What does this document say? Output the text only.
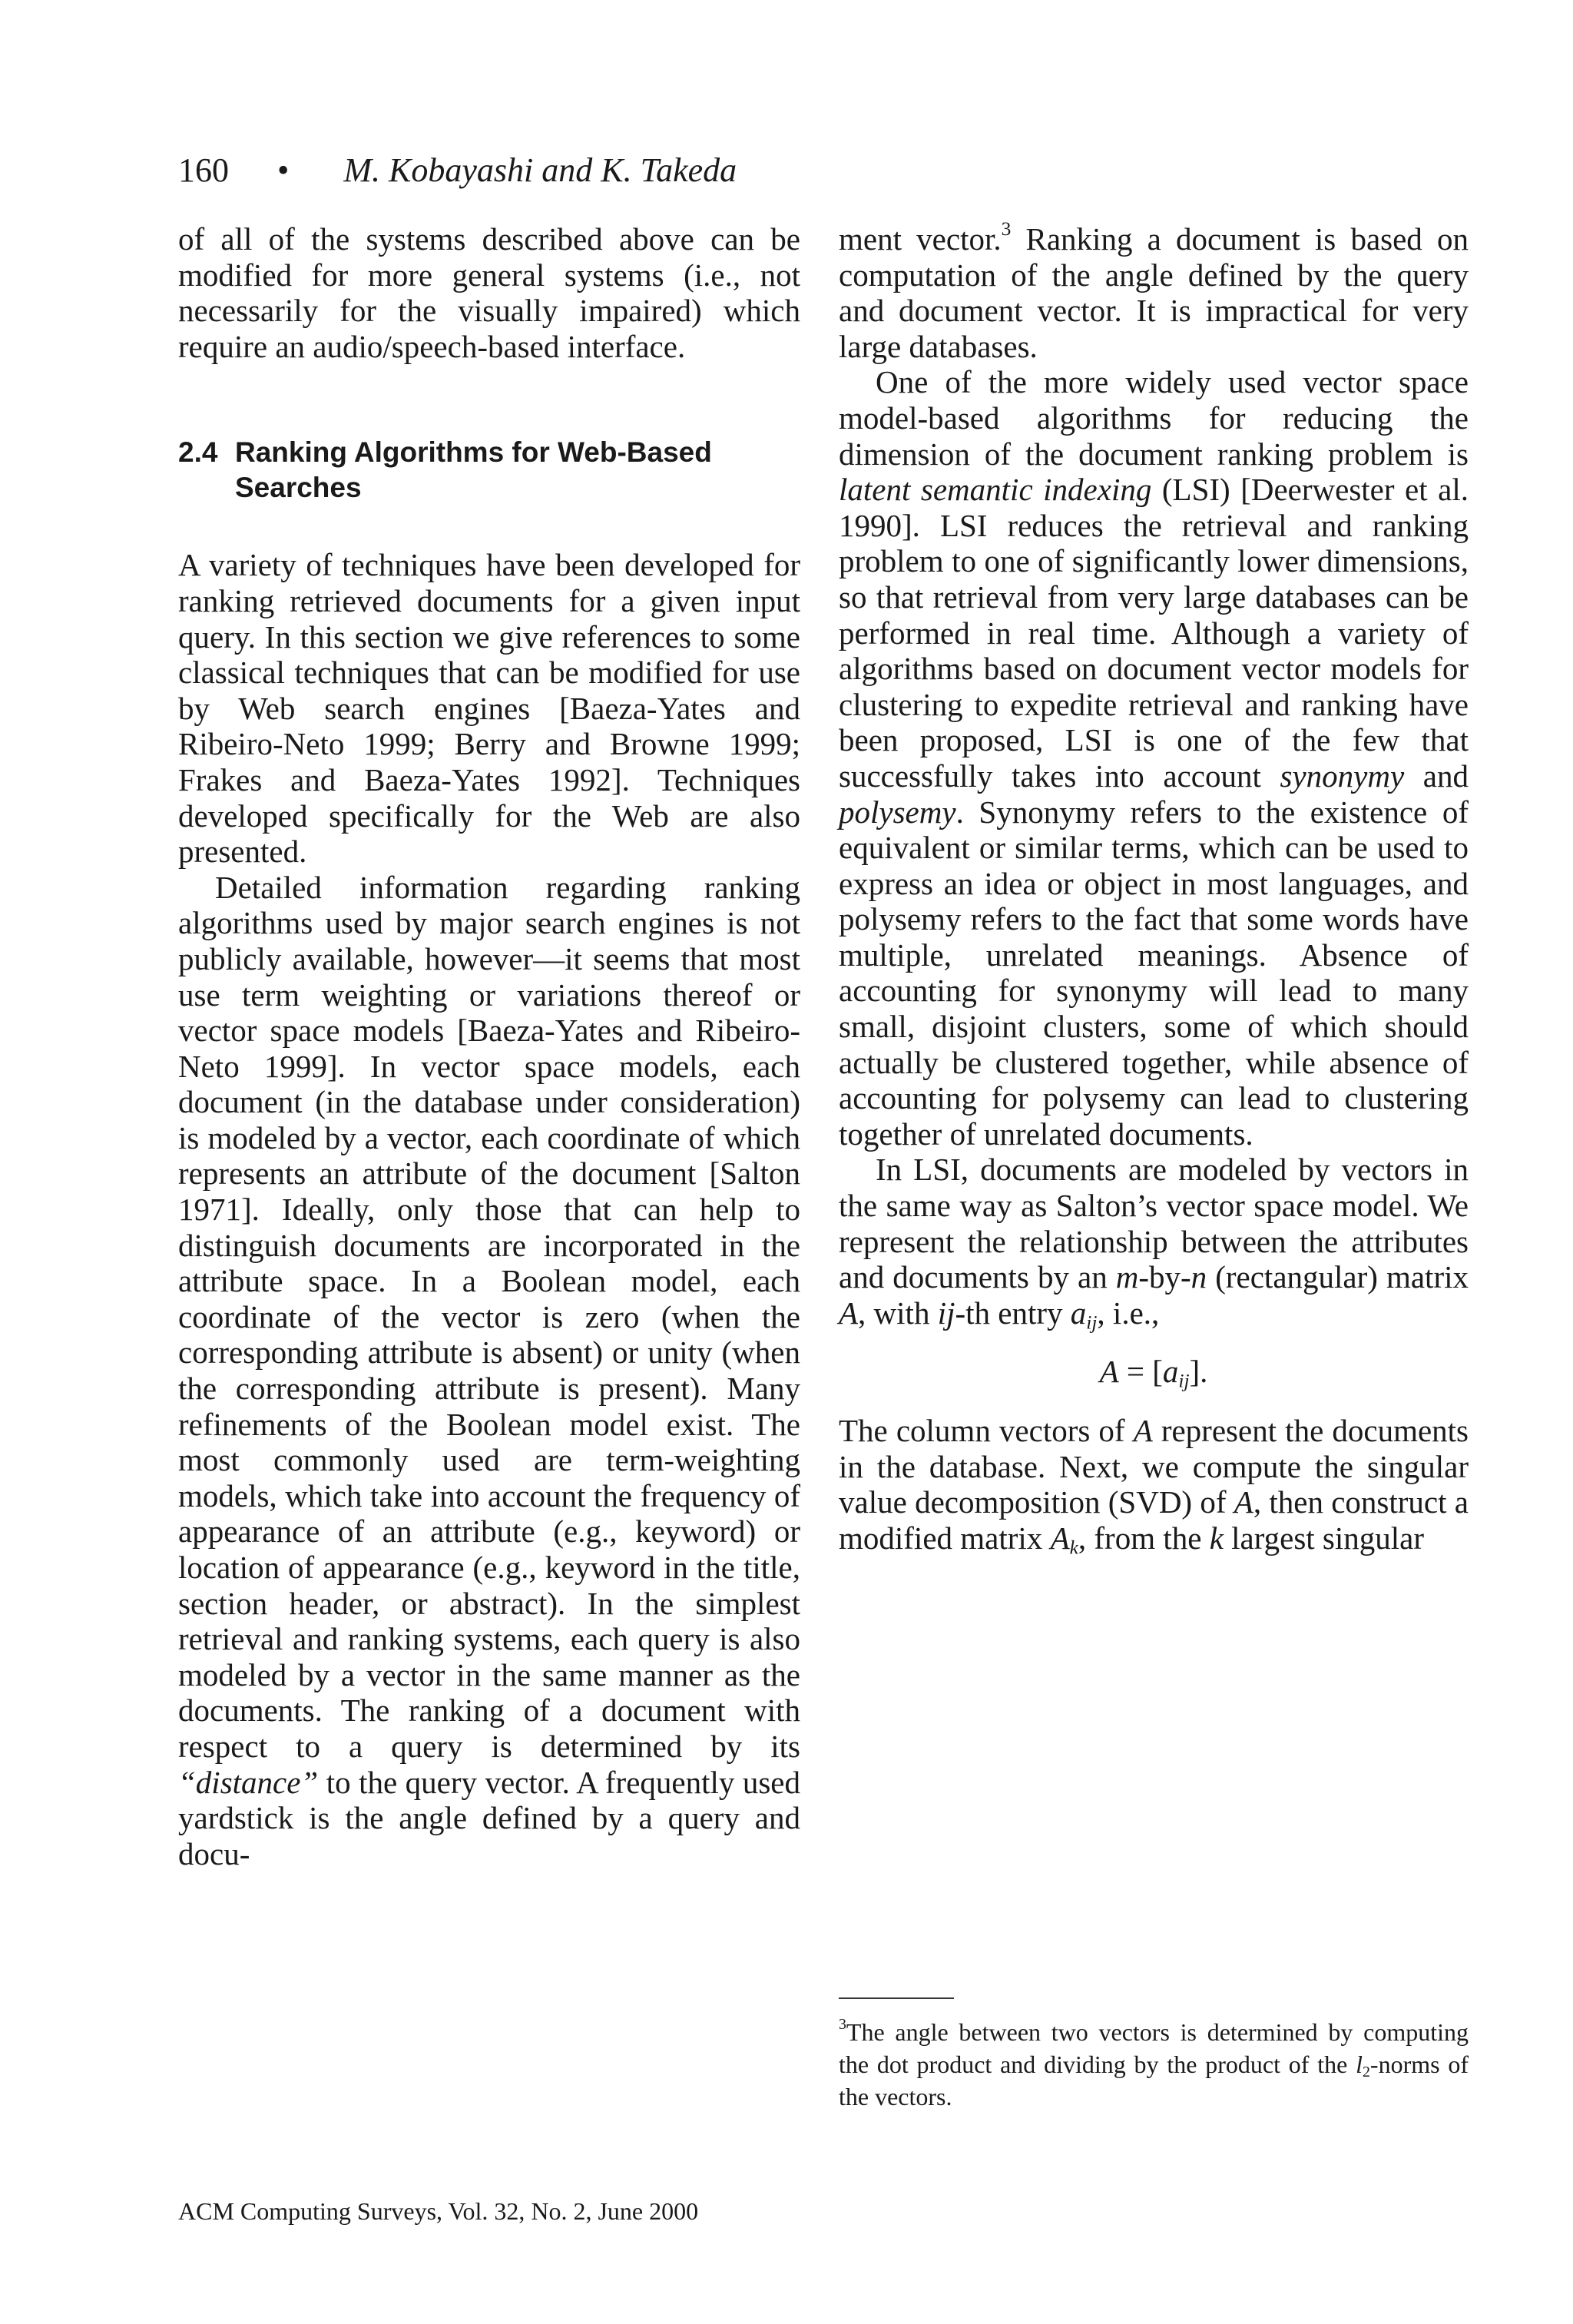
160 • M. Kobayashi and K. Takeda

of all of the systems described above can be modified for more general systems (i.e., not necessarily for the visually impaired) which require an audio/speech-based interface.

2.4 Ranking Algorithms for Web-Based Searches

A variety of techniques have been developed for ranking retrieved documents for a given input query. In this section we give references to some classical techniques that can be modified for use by Web search engines [Baeza-Yates and Ribeiro-Neto 1999; Berry and Browne 1999; Frakes and Baeza-Yates 1992]. Techniques developed specifically for the Web are also presented.

Detailed information regarding ranking algorithms used by major search engines is not publicly available, however—it seems that most use term weighting or variations thereof or vector space models [Baeza-Yates and Ribeiro-Neto 1999]. In vector space models, each document (in the database under consideration) is modeled by a vector, each coordinate of which represents an attribute of the document [Salton 1971]. Ideally, only those that can help to distinguish documents are incorporated in the attribute space. In a Boolean model, each coordinate of the vector is zero (when the corresponding attribute is absent) or unity (when the corresponding attribute is present). Many refinements of the Boolean model exist. The most commonly used are term-weighting models, which take into account the frequency of appearance of an attribute (e.g., keyword) or location of appearance (e.g., keyword in the title, section header, or abstract). In the simplest retrieval and ranking systems, each query is also modeled by a vector in the same manner as the documents. The ranking of a document with respect to a query is determined by its “distance” to the query vector. A frequently used yardstick is the angle defined by a query and docu-

ment vector.$^3$ Ranking a document is based on computation of the angle defined by the query and document vector. It is impractical for very large databases.

One of the more widely used vector space model-based algorithms for reducing the dimension of the document ranking problem is latent semantic indexing (LSI) [Deerwester et al. 1990]. LSI reduces the retrieval and ranking problem to one of significantly lower dimensions, so that retrieval from very large databases can be performed in real time. Although a variety of algorithms based on document vector models for clustering to expedite retrieval and ranking have been proposed, LSI is one of the few that successfully takes into account synonymy and polysemy. Synonymy refers to the existence of equivalent or similar terms, which can be used to express an idea or object in most languages, and polysemy refers to the fact that some words have multiple, unrelated meanings. Absence of accounting for synonymy will lead to many small, disjoint clusters, some of which should actually be clustered together, while absence of accounting for polysemy can lead to clustering together of unrelated documents.

In LSI, documents are modeled by vectors in the same way as Salton’s vector space model. We represent the relationship between the attributes and documents by an m-by-n (rectangular) matrix A, with ij-th entry $a_{ij}$, i.e.,

$A = [a_{ij}]$.

The column vectors of A represent the documents in the database. Next, we compute the singular value decomposition (SVD) of A, then construct a modified matrix $A_k$, from the k largest singular

$^3$The angle between two vectors is determined by computing the dot product and dividing by the product of the $l_2$-norms of the vectors.
ACM Computing Surveys, Vol. 32, No. 2, June 2000
